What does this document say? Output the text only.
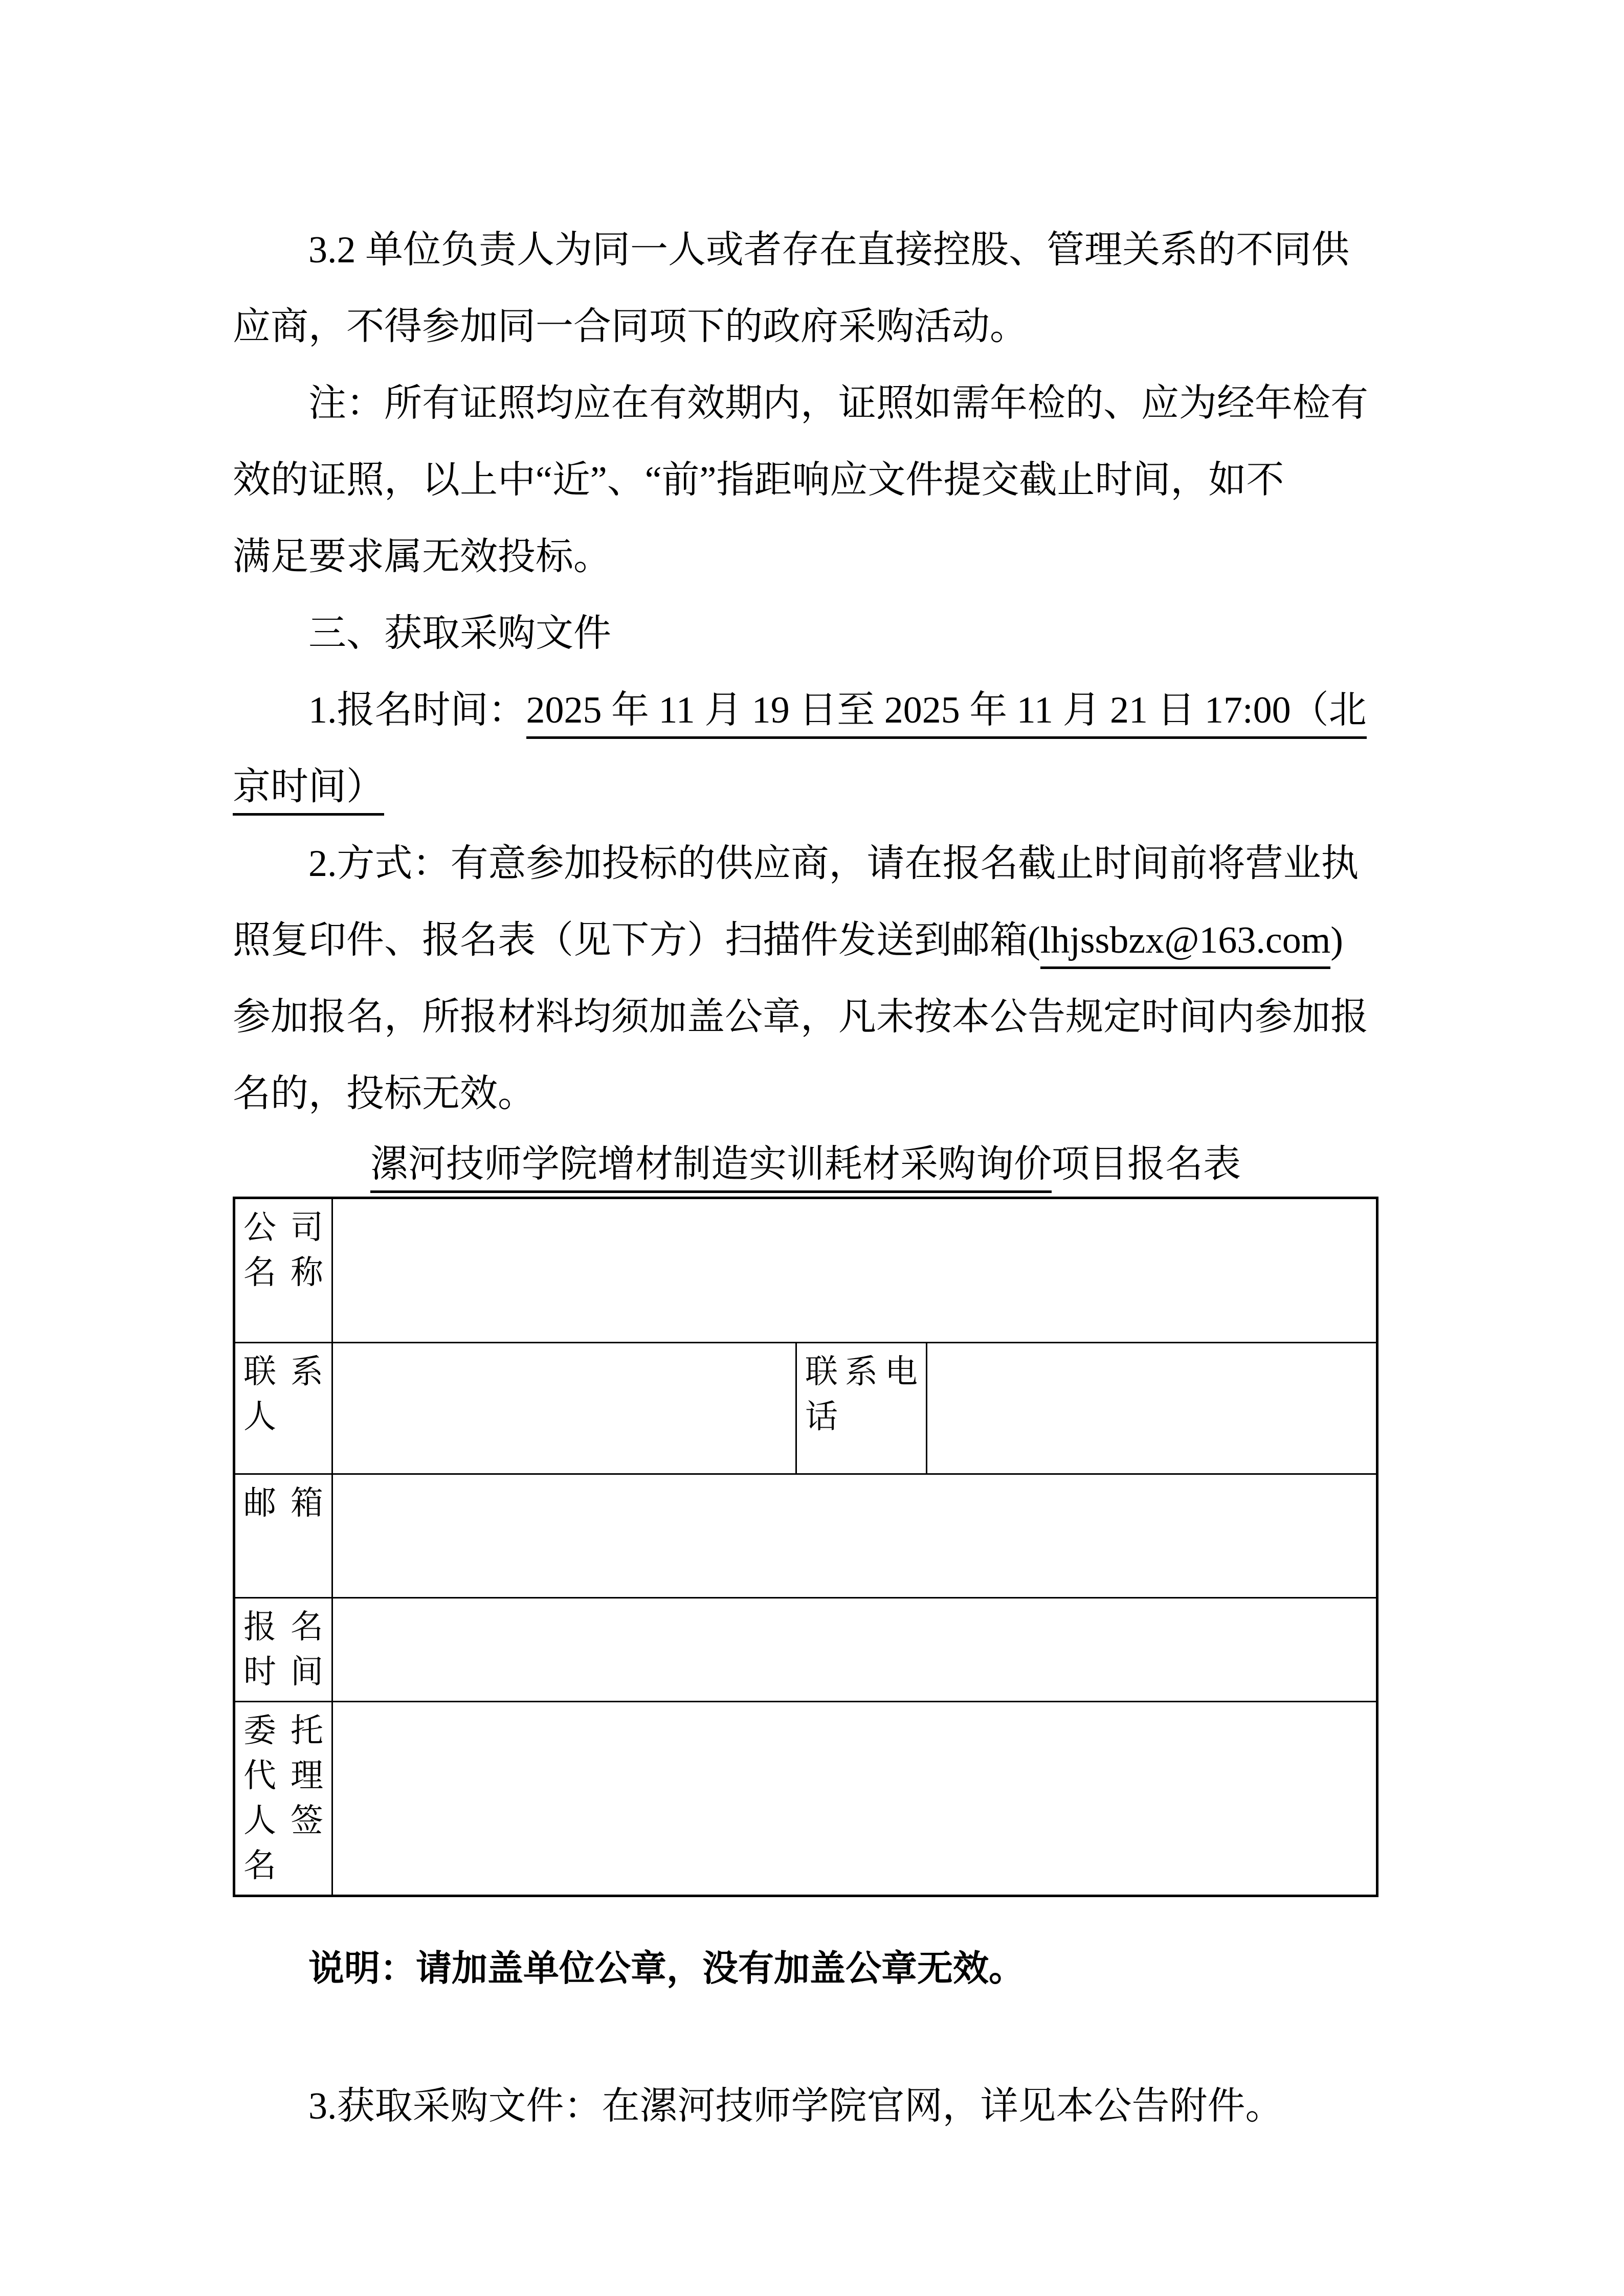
3.2 单位负责人为同一人或者存在直接控股、管理关系的不同供
应商，不得参加同一合同项下的政府采购活动。
注：所有证照均应在有效期内，证照如需年检的、应为经年检有
效的证照，以上中“近”、“前”指距响应文件提交截止时间，如不
满足要求属无效投标。
三、获取采购文件
1.报名时间：2025 年 11 月 19 日至 2025 年 11 月 21 日 17:00（北
京时间）
2.方式：有意参加投标的供应商，请在报名截止时间前将营业执
照复印件、报名表（见下方）扫描件发送到邮箱(lhjssbzx@163.com)
参加报名，所报材料均须加盖公章，凡未按本公告规定时间内参加报
名的，投标无效。
漯河技师学院增材制造实训耗材采购询价项目报名表
公司名称			
联系人		联系电话	
邮箱			
报名时间			
委托代理人签名			
说明：请加盖单位公章，没有加盖公章无效。
3.获取采购文件：在漯河技师学院官网，详见本公告附件。
